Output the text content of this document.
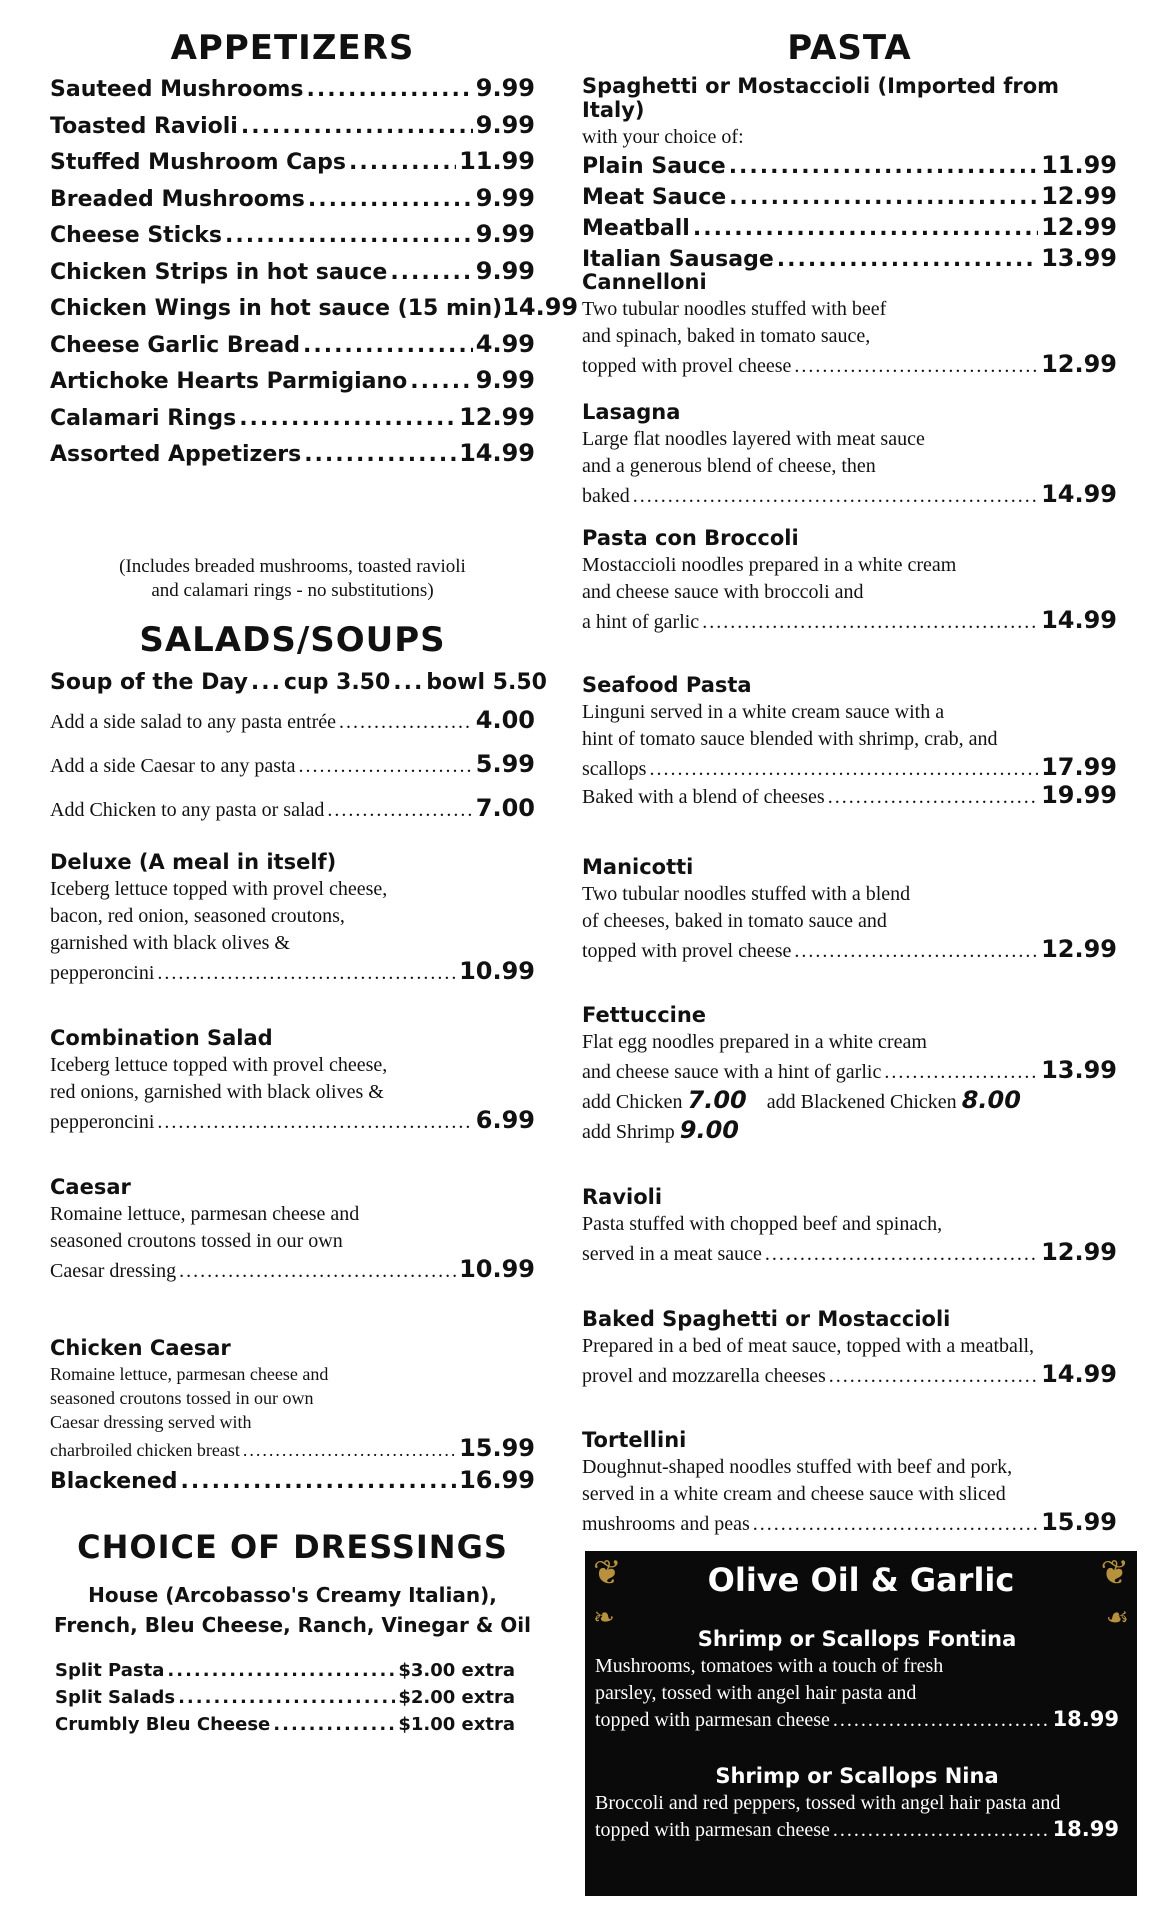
APPETIZERS
Sauteed Mushrooms .....	9.99
Toasted Ravioli .....	9.99
Stuffed Mushroom Caps .....	11.99
Breaded Mushrooms .....	9.99
Cheese Sticks .....	9.99
Chicken Strips in hot sauce .....	9.99
Chicken Wings in hot sauce (15 min) 14.99
Cheese Garlic Bread .....	4.99
Artichoke Hearts Parmigiano .....	9.99
Calamari Rings .....	12.99
Assorted Appetizers .....	14.99
(Includes breaded mushrooms, toasted ravioli
and calamari rings - no substitutions)
SALADS/SOUPS
Soup of the Day ..... cup 3.50 ..... bowl 5.50
Add a side salad to any pasta entrée .....	4.00
Add a side Caesar to any pasta .....	5.99
Add Chicken to any pasta or salad .....	7.00
Deluxe (A meal in itself)

Iceberg lettuce topped with provel cheese,

bacon, red onion, seasoned croutons,

garnished with black olives &

pepperoncini .....	10.99
Combination Salad

Iceberg lettuce topped with provel cheese,

red onions, garnished with black olives &

pepperoncini .....	6.99
Caesar

Romaine lettuce, parmesan cheese and

seasoned croutons tossed in our own

Caesar dressing .....	10.99
Chicken Caesar

Romaine lettuce, parmesan cheese and

seasoned croutons tossed in our own

Caesar dressing served with

charbroiled chicken breast .....	15.99
Blackened .....	16.99
CHOICE OF DRESSINGS
House (Arcobasso's Creamy Italian),
French, Bleu Cheese, Ranch, Vinegar & Oil
Split Pasta .....	$3.00 extra
Split Salads .....	$2.00 extra
Crumbly Bleu Cheese .....	$1.00 extra
PASTA
Spaghetti or Mostaccioli (Imported from Italy)

with your choice of:

Plain Sauce .....	11.99
Meat Sauce .....	12.99
Meatball .....	12.99
Italian Sausage .....	13.99
Cannelloni

Two tubular noodles stuffed with beef

and spinach, baked in tomato sauce,

topped with provel cheese .....	12.99
Lasagna

Large flat noodles layered with meat sauce

and a generous blend of cheese, then

baked .....	14.99
Pasta con Broccoli

Mostaccioli noodles prepared in a white cream

and cheese sauce with broccoli and

a hint of garlic .....	14.99
Seafood Pasta

Linguni served in a white cream sauce with a

hint of tomato sauce blended with shrimp, crab, and

scallops .....	17.99
Baked with a blend of cheeses .....	19.99
Manicotti

Two tubular noodles stuffed with a blend

of cheeses, baked in tomato sauce and

topped with provel cheese .....	12.99
Fettuccine

Flat egg noodles prepared in a white cream

and cheese sauce with a hint of garlic .....	13.99
add Chicken
7.00
add Blackened Chicken
8.00
add Shrimp
9.00
Ravioli

Pasta stuffed with chopped beef and spinach,

served in a meat sauce .....	12.99
Baked Spaghetti or Mostaccioli

Prepared in a bed of meat sauce, topped with a meatball,

provel and mozzarella cheeses .....	14.99
Tortellini

Doughnut-shaped noodles stuffed with beef and pork,

served in a white cream and cheese sauce with sliced

mushrooms and peas .....	15.99
❦	❦
❧	☙
Olive Oil & Garlic
Shrimp or Scallops Fontina

Mushrooms, tomatoes with a touch of fresh

parsley, tossed with angel hair pasta and

topped with parmesan cheese .....	18.99
Shrimp or Scallops Nina

Broccoli and red peppers, tossed with angel hair pasta and

topped with parmesan cheese .....	18.99
